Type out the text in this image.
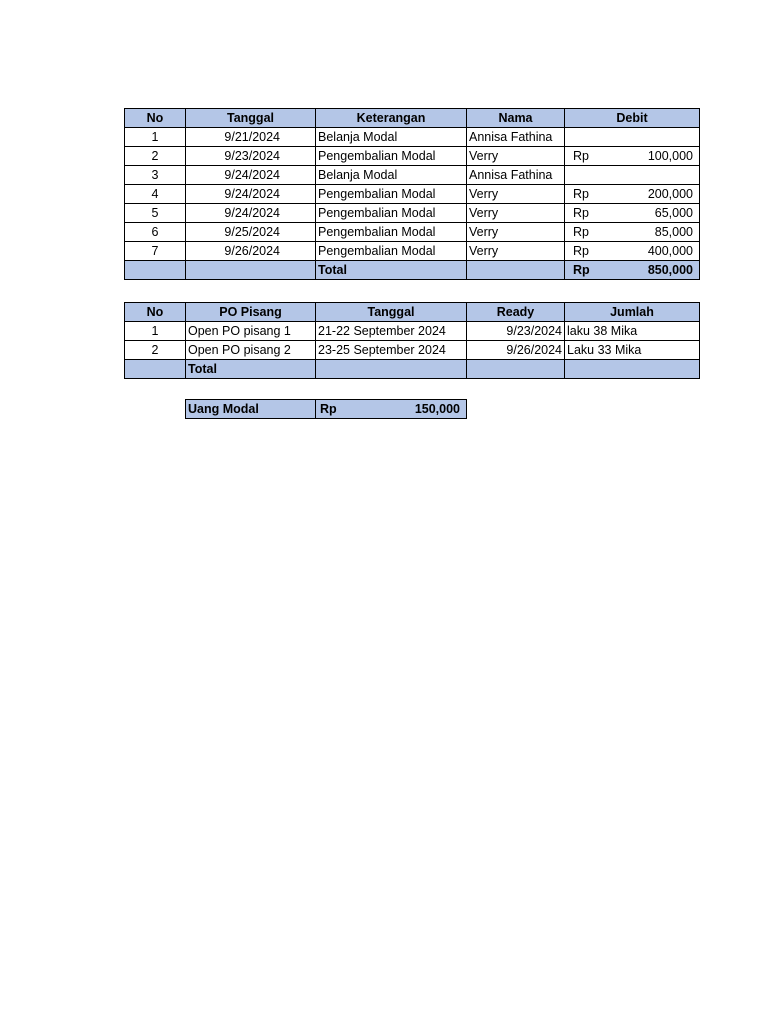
No	Tanggal	Keterangan	Nama	Debit
1	9/21/2024	Belanja Modal	Annisa Fathina	

2	9/23/2024	Pengembalian Modal	Verry	Rp 100,000

3	9/24/2024	Belanja Modal	Annisa Fathina	

4	9/24/2024	Pengembalian Modal	Verry	Rp 200,000

5	9/24/2024	Pengembalian Modal	Verry	Rp 65,000

6	9/25/2024	Pengembalian Modal	Verry	Rp 85,000

7	9/26/2024	Pengembalian Modal	Verry	Rp 400,000

		Total		Rp 850,000
No	PO Pisang	Tanggal	Ready	Jumlah
1	Open PO pisang 1	21-22 September 2024	9/23/2024	laku 38 Mika
2	Open PO pisang 2	23-25 September 2024	9/26/2024	Laku 33 Mika
	Total			
Uang Modal	Rp	150,000
